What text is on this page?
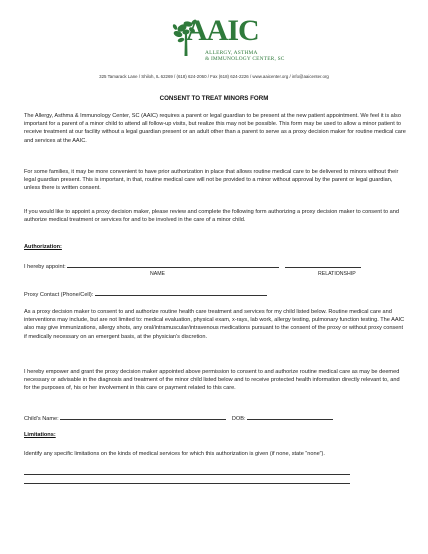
AAIC
ALLERGY, ASTHMA
& IMMUNOLOGY CENTER, SC
325 Tamarack Lane / Shiloh, IL 62269 / (618) 624-2060 / Fax (618) 624-2226 / www.aaicenter.org / info@aaicenter.org
CONSENT TO TREAT MINORS FORM
The Allergy, Asthma & Immunology Center, SC (AAIC) requires a parent or legal guardian to be present at the new patient appointment. We feel it is also important for a parent of a minor child to attend all follow-up visits, but realize this may not be possible. This form may be used to allow a minor patient to receive treatment at our facility without a legal guardian present or an adult other than a parent to serve as a proxy decision maker for routine medical care and services at the AAIC.
For some families, it may be more convenient to have prior authorization in place that allows routine medical care to be delivered to minors without their legal guardian present. This is important, in that, routine medical care will not be provided to a minor without approval by the parent or legal guardian, unless there is written consent.
If you would like to appoint a proxy decision maker, please review and complete the following form authorizing a proxy decision maker to consent to and authorize medical treatment or services for and to be involved in the care of a minor child.
Authorization:
I hereby appoint:
NAME	RELATIONSHIP
Proxy Contact (Phone/Cell):
As a proxy decision maker to consent to and authorize routine health care treatment and services for my child listed below. Routine medical care and interventions may include, but are not limited to: medical evaluation, physical exam, x-rays, lab work, allergy testing, pulmonary function testing. The AAIC also may give immunizations, allergy shots, any oral/intramuscular/intravenous medications pursuant to the consent of the proxy or without proxy consent if medically necessary on an emergent basis, at the physician’s discretion.
I hereby empower and grant the proxy decision maker appointed above permission to consent to and authorize routine medical care as may be deemed necessary or advisable in the diagnosis and treatment of the minor child listed below and to receive protected health information directly relevant to, and for the purposes of, his or her involvement in this care or payment related to this care.
Child’s Name:	DOB:
Limitations:
Identify any specific limitations on the kinds of medical services for which this authorization is given (if none, state “none”).
